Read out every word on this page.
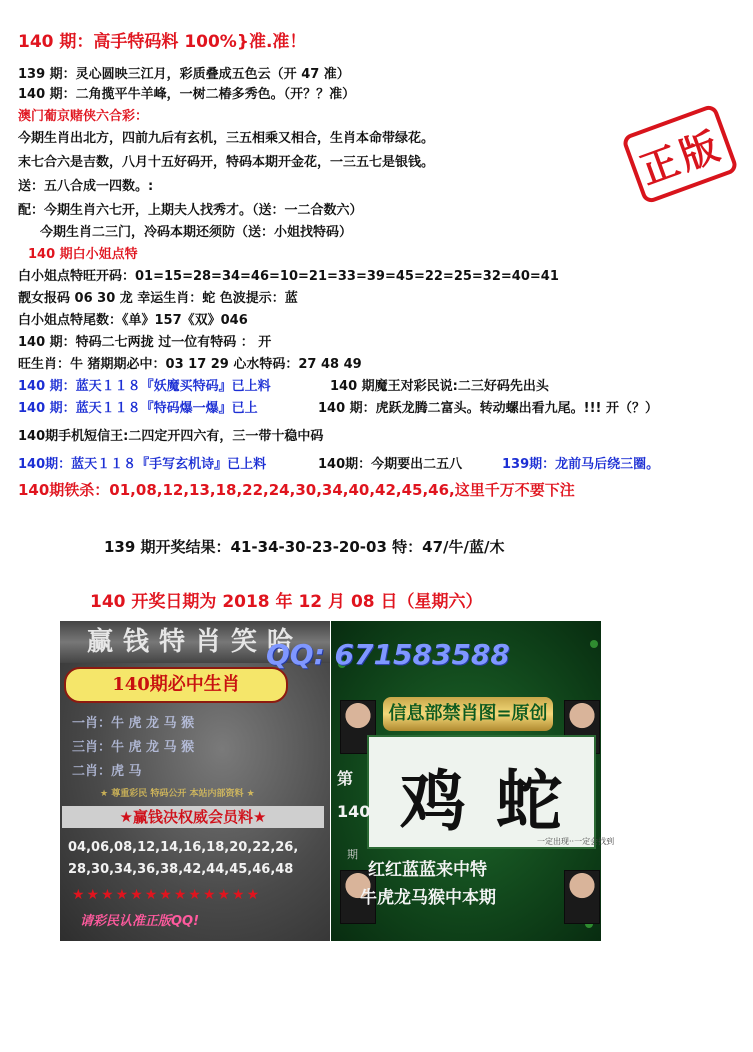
140 期：高手特码料 100%}准.准！
139 期：灵心圆映三江月，彩质叠成五色云（开 47 准）
140 期：二角揽平牛羊峰，一树二椿多秀色。（开？？准）
澳门葡京赌侠六合彩：
今期生肖出北方，四前九后有玄机，三五相乘又相合，生肖本命带绿花。
末七合六是吉数，八月十五好码开，特码本期开金花，一三五七是银钱。
送：五八合成一四数。:
配：今期生肖六七开，上期夫人找秀才。（送：一二合数六）
今期生肖二三门，冷码本期还须防（送：小姐找特码）
140 期白小姐点特
白小姐点特旺开码：01=15=28=34=46=10=21=33=39=45=22=25=32=40=41
靓女报码 06 30 龙 幸运生肖：蛇 色波提示：蓝
白小姐点特尾数：《单》157《双》046
140 期：特码二七两拢 过一位有特码 ： 开
旺生肖：牛 猪期期必中：03 17 29 心水特码：27 48 49
140 期：蓝天１１８『妖魔买特码』已上料	140 期魔王对彩民说:二三好码先出头
140 期：蓝天１１８『特码爆一爆』已上	140 期：虎跃龙腾二富头。转动螺出看九尾。!!! 开（？）
140期手机短信王:二四定开四六有，三一带十稳中码
140期：蓝天１１８『手写玄机诗』已上料	140期：今期要出二五八	139期：龙前马后绕三圈。
140期铁杀：01,08,12,13,18,22,24,30,34,40,42,45,46,这里千万不要下注
139 期开奖结果：41-34-30-23-20-03 特：47/牛/蓝/木
140 开奖日期为 2018 年 12 月 08 日（星期六）
正版
赢钱特肖笑哈
140期必中生肖
一肖：牛 虎 龙 马 猴
三肖：牛 虎 龙 马 猴
二肖：虎 马
★ 尊重彩民 特码公开 本站内部资料 ★
★赢钱决权威会员料★
04,06,08,12,14,16,18,20,22,26,
28,30,34,36,38,42,44,45,46,48
★★★★★★★★★★★★★
请彩民认准正版QQ!
QQ: 671583588
信息部禁肖图=原创
鸡蛇
第
140
期
一定出现··一定会找到
红红蓝蓝来中特
牛虎龙马猴中本期
